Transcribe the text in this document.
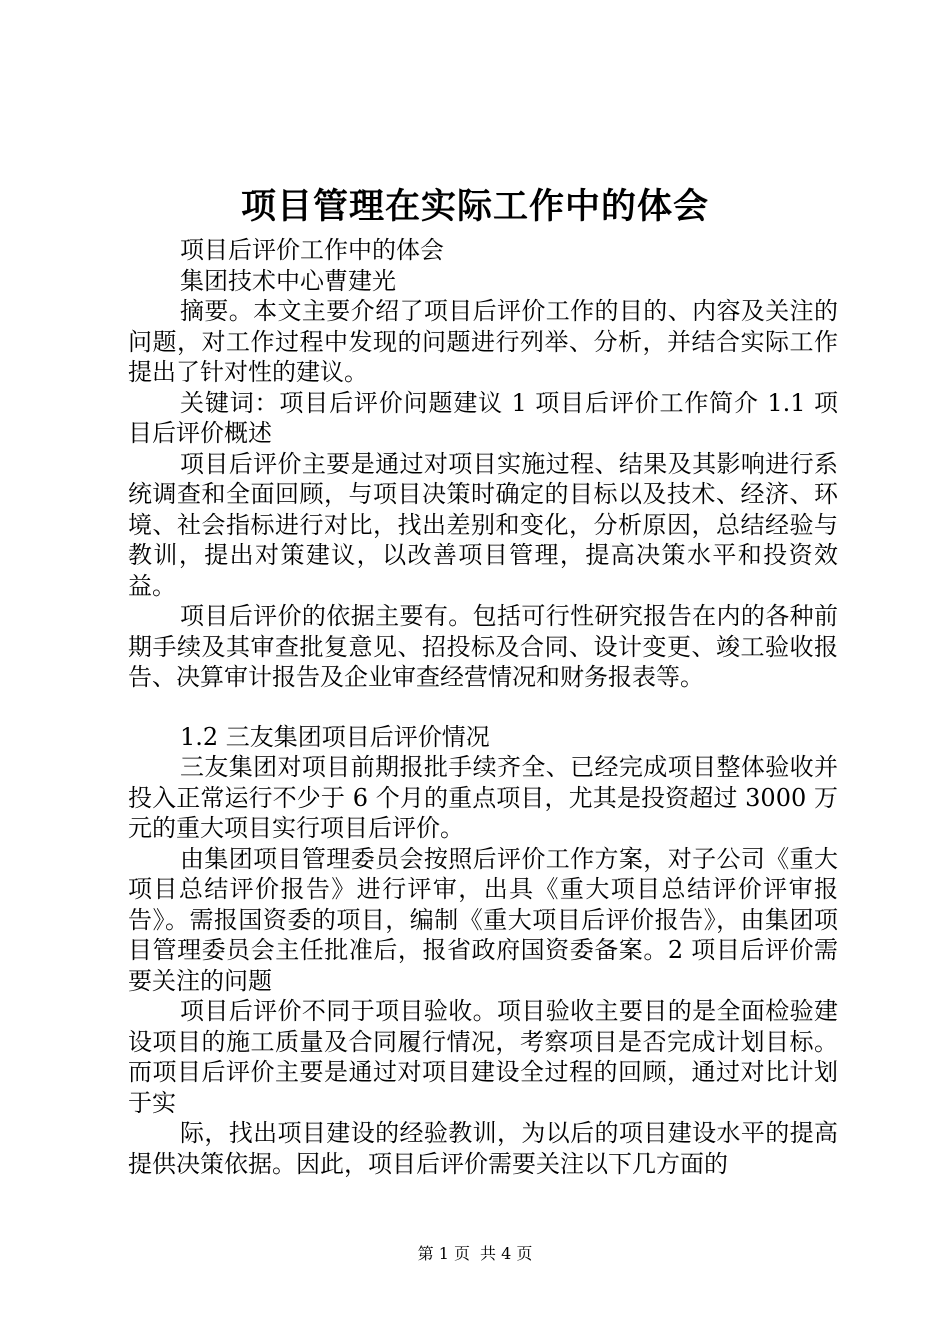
项目管理在实际工作中的体会

项目后评价工作中的体会

集团技术中心曹建光

摘要。本文主要介绍了项目后评价工作的目的、内容及关注的问题，对工作过程中发现的问题进行列举、分析，并结合实际工作提出了针对性的建议。

关键词：项目后评价问题建议 1 项目后评价工作简介 1.1 项目后评价概述

项目后评价主要是通过对项目实施过程、结果及其影响进行系统调查和全面回顾，与项目决策时确定的目标以及技术、经济、环境、社会指标进行对比，找出差别和变化，分析原因，总结经验与教训，提出对策建议，以改善项目管理，提高决策水平和投资效益。

项目后评价的依据主要有。包括可行性研究报告在内的各种前期手续及其审查批复意见、招投标及合同、设计变更、竣工验收报告、决算审计报告及企业审查经营情况和财务报表等。

1.2 三友集团项目后评价情况

三友集团对项目前期报批手续齐全、已经完成项目整体验收并投入正常运行不少于 6 个月的重点项目，尤其是投资超过 3000 万元的重大项目实行项目后评价。

由集团项目管理委员会按照后评价工作方案，对子公司《重大项目总结评价报告》进行评审，出具《重大项目总结评价评审报告》。需报国资委的项目，编制《重大项目后评价报告》，由集团项目管理委员会主任批准后，报省政府国资委备案。2 项目后评价需要关注的问题

项目后评价不同于项目验收。项目验收主要目的是全面检验建设项目的施工质量及合同履行情况，考察项目是否完成计划目标。而项目后评价主要是通过对项目建设全过程的回顾，通过对比计划于实

际，找出项目建设的经验教训，为以后的项目建设水平的提高提供决策依据。因此，项目后评价需要关注以下几方面的

第 1 页 共 4 页
